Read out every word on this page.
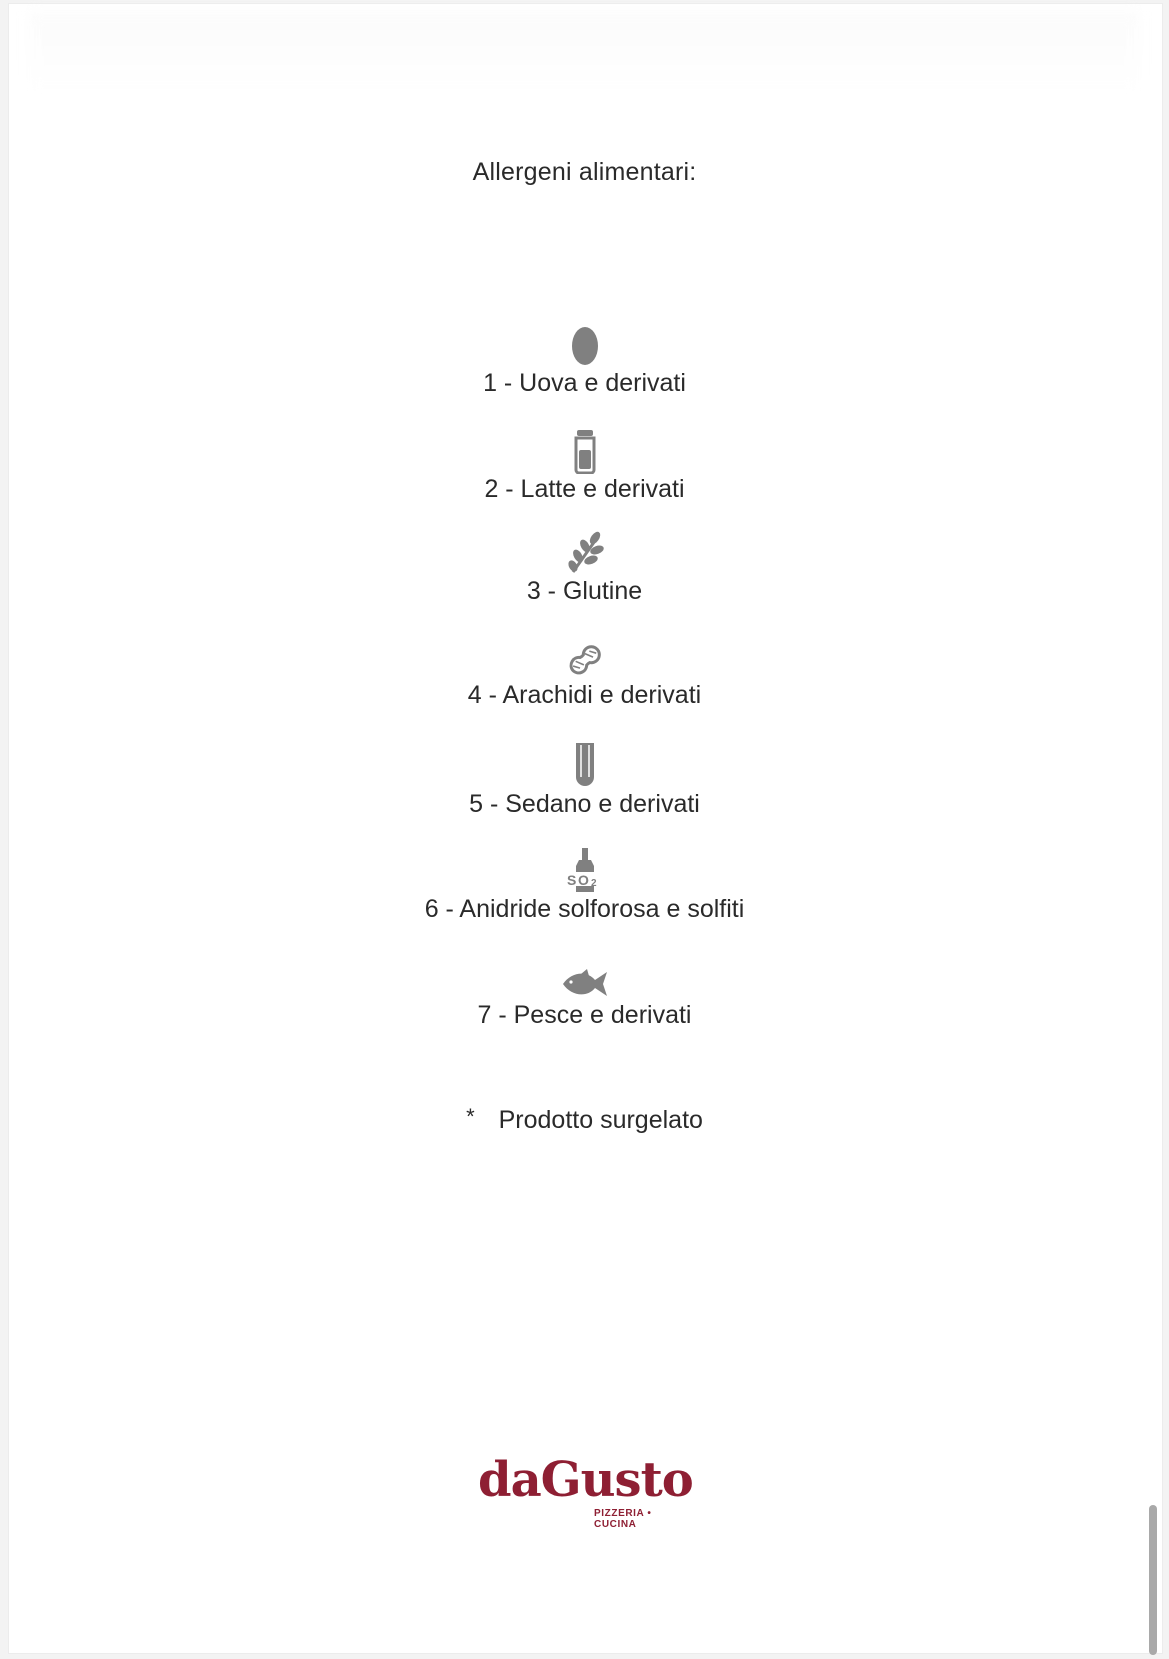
Allergeni alimentari:
1 - Uova e derivati
2 - Latte e derivati
3 - Glutine
4 - Arachidi e derivati
5 - Sedano e derivati
S O 2
6 - Anidride solforosa e solfiti
7 - Pesce e derivati
* Prodotto surgelato
daGusto
PIZZERIA • CUCINA
